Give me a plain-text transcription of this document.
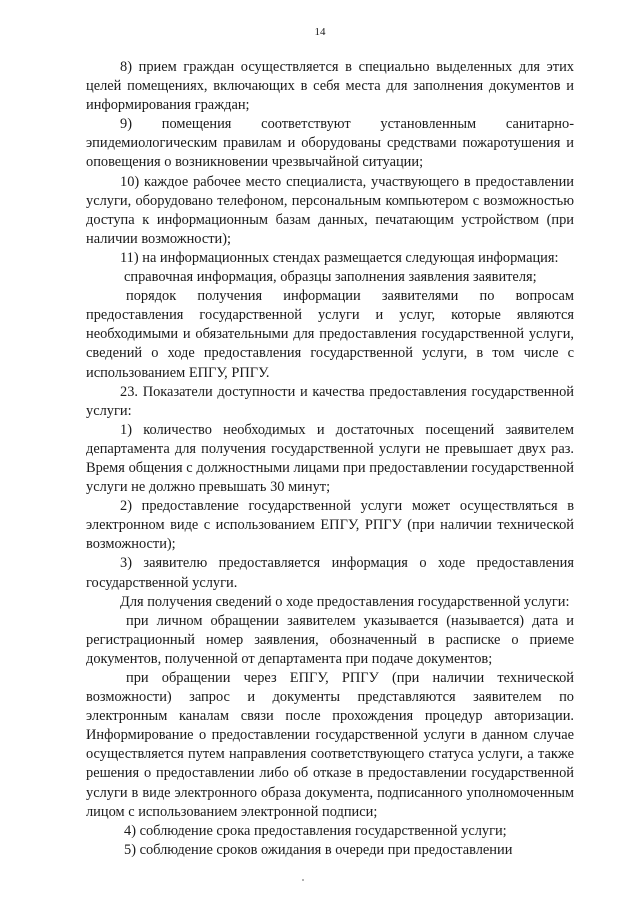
14

8) прием граждан осуществляется в специально выделенных для этих целей помещениях, включающих в себя места для заполнения документов и информирования граждан;

9) помещения соответствуют установленным санитарно-эпидемиологическим правилам и оборудованы средствами пожаротушения и оповещения о возникновении чрезвычайной ситуации;

10) каждое рабочее место специалиста, участвующего в предоставлении услуги, оборудовано телефоном, персональным компьютером с возможностью доступа к информационным базам данных, печатающим устройством (при наличии возможности);

11) на информационных стендах размещается следующая информация:

справочная информация, образцы заполнения заявления заявителя;

порядок получения информации заявителями по вопросам предоставления государственной услуги и услуг, которые являются необходимыми и обязательными для предоставления государственной услуги, сведений о ходе предоставления государственной услуги, в том числе с использованием ЕПГУ, РПГУ.

23. Показатели доступности и качества предоставления государственной услуги:

1) количество необходимых и достаточных посещений заявителем департамента для получения государственной услуги не превышает двух раз. Время общения с должностными лицами при предоставлении государственной услуги не должно превышать 30 минут;

2) предоставление государственной услуги может осуществляться в электронном виде с использованием ЕПГУ, РПГУ (при наличии технической возможности);

3) заявителю предоставляется информация о ходе предоставления государственной услуги.

Для получения сведений о ходе предоставления государственной услуги:

при личном обращении заявителем указывается (называется) дата и регистрационный номер заявления, обозначенный в расписке о приеме документов, полученной от департамента при подаче документов;

при обращении через ЕПГУ, РПГУ (при наличии технической возможности) запрос и документы представляются заявителем по электронным каналам связи после прохождения процедур авторизации. Информирование о предоставлении государственной услуги в данном случае осуществляется путем направления соответствующего статуса услуги, а также решения о предоставлении либо об отказе в предоставлении государственной услуги в виде электронного образа документа, подписанного уполномоченным лицом с использованием электронной подписи;

4) соблюдение срока предоставления государственной услуги;

5) соблюдение сроков ожидания в очереди при предоставлении
